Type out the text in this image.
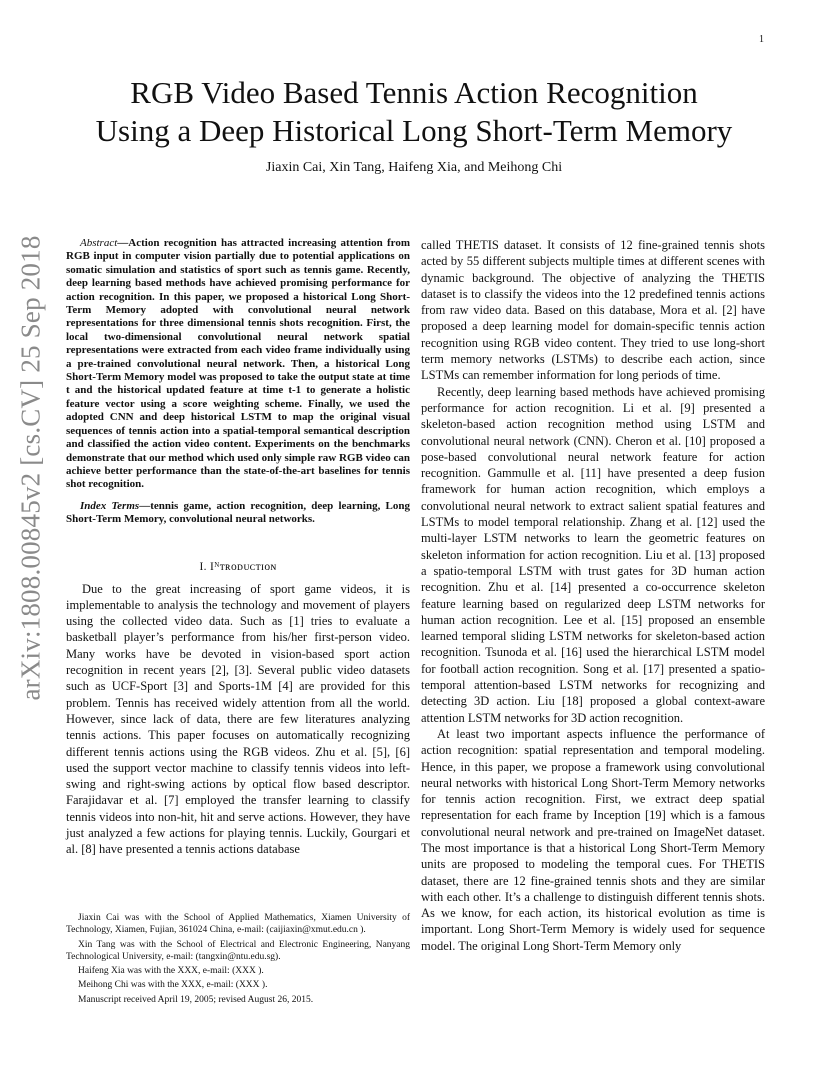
1
arXiv:1808.00845v2 [cs.CV] 25 Sep 2018
RGB Video Based Tennis Action Recognition
Using a Deep Historical Long Short-Term Memory
Jiaxin Cai, Xin Tang, Haifeng Xia, and Meihong Chi

Abstract—Action recognition has attracted increasing attention from RGB input in computer vision partially due to potential applications on somatic simulation and statistics of sport such as tennis game. Recently, deep learning based methods have achieved promising performance for action recognition. In this paper, we proposed a historical Long Short-Term Memory adopted with convolutional neural network representations for three dimensional tennis shots recognition. First, the local two-dimensional convolutional neural network spatial representations were extracted from each video frame individually using a pre-trained convolutional neural network. Then, a historical Long Short-Term Memory model was proposed to take the output state at time t and the historical updated feature at time t-1 to generate a holistic feature vector using a score weighting scheme. Finally, we used the adopted CNN and deep historical LSTM to map the original visual sequences of tennis action into a spatial-temporal semantical description and classified the action video content. Experiments on the benchmarks demonstrate that our method which used only simple raw RGB video can achieve better performance than the state-of-the-art baselines for tennis shot recognition.

Index Terms—tennis game, action recognition, deep learning, Long Short-Term Memory, convolutional neural networks.

I. Iᴺᴛʀᴏᴅᴜᴄᴛɪᴏɴ

Due to the great increasing of sport game videos, it is implementable to analysis the technology and movement of players using the collected video data. Such as [1] tries to evaluate a basketball player’s performance from his/her first-person video. Many works have be devoted in vision-based sport action recognition in recent years [2], [3]. Several public video datasets such as UCF-Sport [3] and Sports-1M [4] are provided for this problem. Tennis has received widely attention from all the world. However, since lack of data, there are few literatures analyzing tennis actions. This paper focuses on automatically recognizing different tennis actions using the RGB videos. Zhu et al. [5], [6] used the support vector machine to classify tennis videos into left-swing and right-swing actions by optical flow based descriptor. Farajidavar et al. [7] employed the transfer learning to classify tennis videos into non-hit, hit and serve actions. However, they have just analyzed a few actions for playing tennis. Luckily, Gourgari et al. [8] have presented a tennis actions database

Jiaxin Cai was with the School of Applied Mathematics, Xiamen University of Technology, Xiamen, Fujian, 361024 China, e-mail: (caijiaxin@xmut.edu.cn ).

Xin Tang was with the School of Electrical and Electronic Engineering, Nanyang Technological University, e-mail: (tangxin@ntu.edu.sg).

Haifeng Xia was with the XXX, e-mail: (XXX ).

Meihong Chi was with the XXX, e-mail: (XXX ).

Manuscript received April 19, 2005; revised August 26, 2015.

called THETIS dataset. It consists of 12 fine-grained tennis shots acted by 55 different subjects multiple times at different scenes with dynamic background. The objective of analyzing the THETIS dataset is to classify the videos into the 12 predefined tennis actions from raw video data. Based on this database, Mora et al. [2] have proposed a deep learning model for domain-specific tennis action recognition using RGB video content. They tried to use long-short term memory networks (LSTMs) to describe each action, since LSTMs can remember information for long periods of time.

Recently, deep learning based methods have achieved promising performance for action recognition. Li et al. [9] presented a skeleton-based action recognition method using LSTM and convolutional neural network (CNN). Cheron et al. [10] proposed a pose-based convolutional neural network feature for action recognition. Gammulle et al. [11] have presented a deep fusion framework for human action recognition, which employs a convolutional neural network to extract salient spatial features and LSTMs to model temporal relationship. Zhang et al. [12] used the multi-layer LSTM networks to learn the geometric features on skeleton information for action recognition. Liu et al. [13] proposed a spatio-temporal LSTM with trust gates for 3D human action recognition. Zhu et al. [14] presented a co-occurrence skeleton feature learning based on regularized deep LSTM networks for human action recognition. Lee et al. [15] proposed an ensemble learned temporal sliding LSTM networks for skeleton-based action recognition. Tsunoda et al. [16] used the hierarchical LSTM model for football action recognition. Song et al. [17] presented a spatio-temporal attention-based LSTM networks for recognizing and detecting 3D action. Liu [18] proposed a global context-aware attention LSTM networks for 3D action recognition.

At least two important aspects influence the performance of action recognition: spatial representation and temporal modeling. Hence, in this paper, we propose a framework using convolutional neural networks with historical Long Short-Term Memory networks for tennis action recognition. First, we extract deep spatial representation for each frame by Inception [19] which is a famous convolutional neural network and pre-trained on ImageNet dataset. The most importance is that a historical Long Short-Term Memory units are proposed to modeling the temporal cues. For THETIS dataset, there are 12 fine-grained tennis shots and they are similar with each other. It’s a challenge to distinguish different tennis shots. As we know, for each action, its historical evolution as time is important. Long Short-Term Memory is widely used for sequence model. The original Long Short-Term Memory only
